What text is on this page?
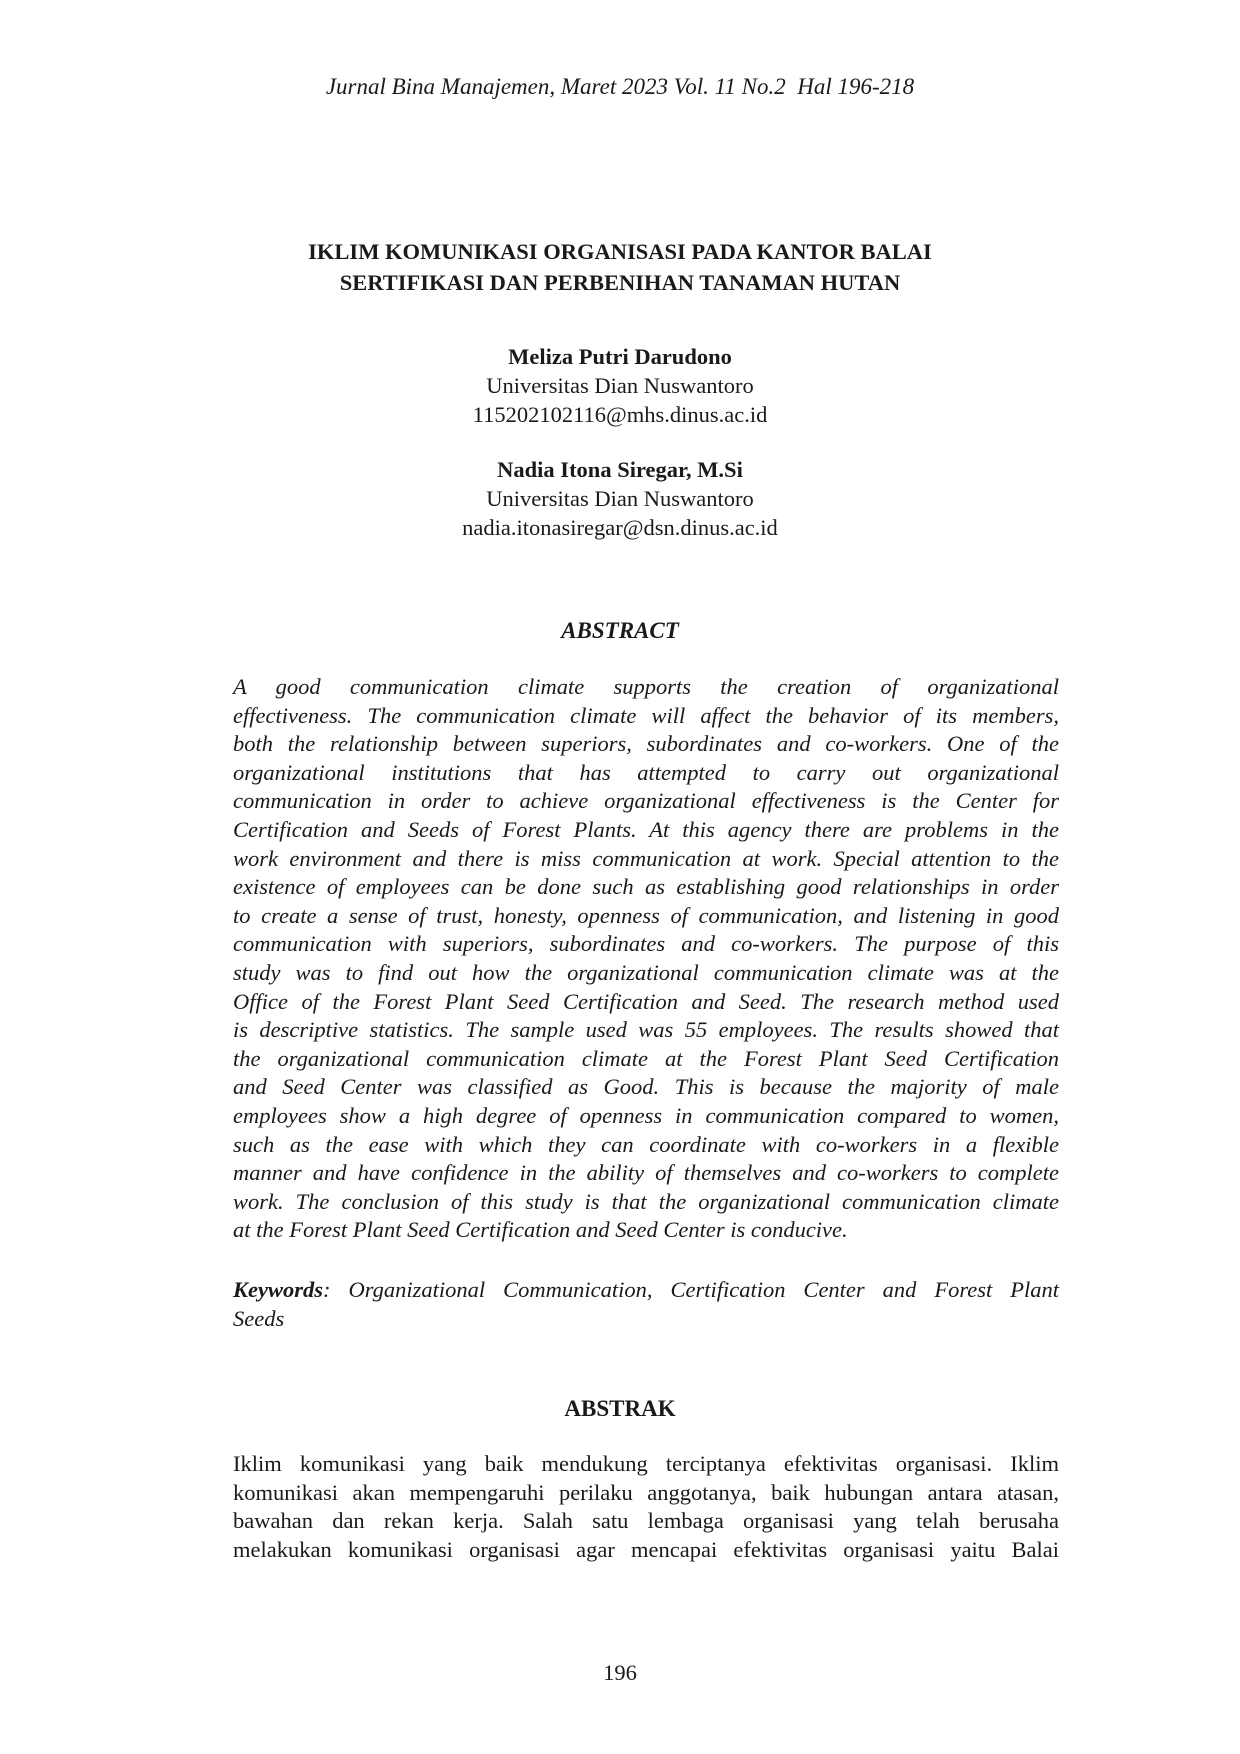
Jurnal Bina Manajemen, Maret 2023 Vol. 11 No.2  Hal 196-218
IKLIM KOMUNIKASI ORGANISASI PADA KANTOR BALAI
SERTIFIKASI DAN PERBENIHAN TANAMAN HUTAN
Meliza Putri Darudono
Universitas Dian Nuswantoro
115202102116@mhs.dinus.ac.id
Nadia Itona Siregar, M.Si
Universitas Dian Nuswantoro
nadia.itonasiregar@dsn.dinus.ac.id
ABSTRACT
A good communication climate supports the creation of organizational
effectiveness. The communication climate will affect the behavior of its members,
both the relationship between superiors, subordinates and co-workers. One of the
organizational institutions that has attempted to carry out organizational
communication in order to achieve organizational effectiveness is the Center for
Certification and Seeds of Forest Plants. At this agency there are problems in the
work environment and there is miss communication at work. Special attention to the
existence of employees can be done such as establishing good relationships in order
to create a sense of trust, honesty, openness of communication, and listening in good
communication with superiors, subordinates and co-workers. The purpose of this
study was to find out how the organizational communication climate was at the
Office of the Forest Plant Seed Certification and Seed. The research method used
is descriptive statistics. The sample used was 55 employees. The results showed that
the organizational communication climate at the Forest Plant Seed Certification
and Seed Center was classified as Good. This is because the majority of male
employees show a high degree of openness in communication compared to women,
such as the ease with which they can coordinate with co-workers in a flexible
manner and have confidence in the ability of themselves and co-workers to complete
work. The conclusion of this study is that the organizational communication climate
at the Forest Plant Seed Certification and Seed Center is conducive.
Keywords: Organizational Communication, Certification Center and Forest Plant
Seeds
ABSTRAK
Iklim komunikasi yang baik mendukung terciptanya efektivitas organisasi. Iklim
komunikasi akan mempengaruhi perilaku anggotanya, baik hubungan antara atasan,
bawahan dan rekan kerja. Salah satu lembaga organisasi yang telah berusaha
melakukan komunikasi organisasi agar mencapai efektivitas organisasi yaitu Balai
196
